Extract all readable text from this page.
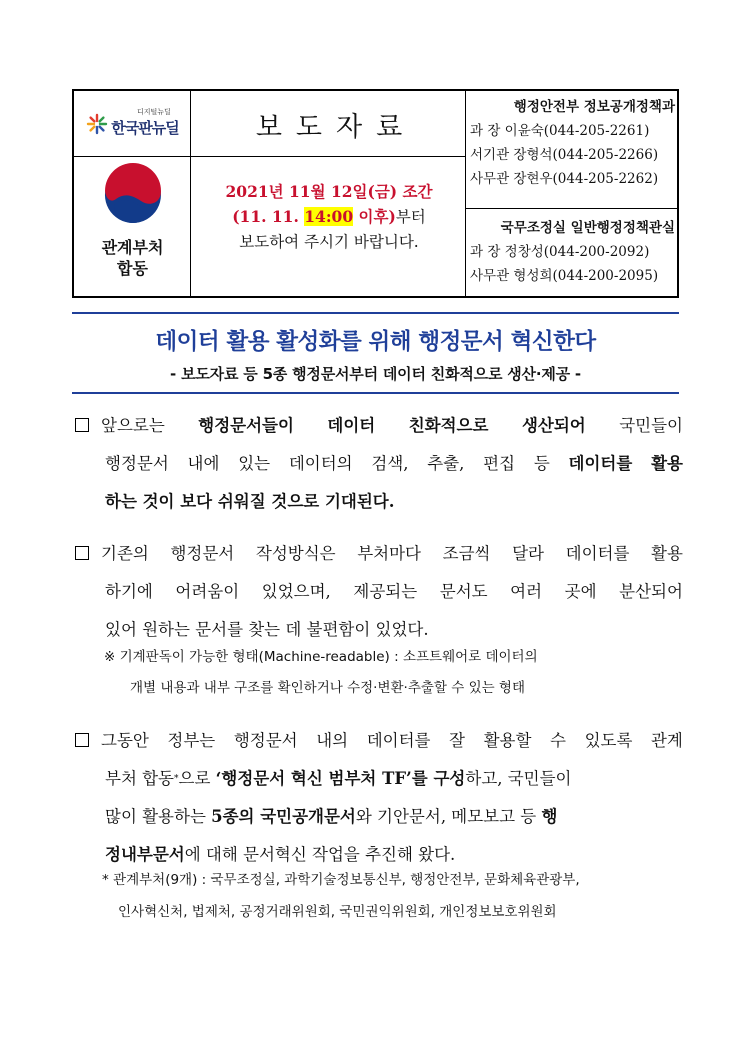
디지털뉴딜
한국판뉴딜
관계부처
합동
보도자료
2021년 11월 12일(금) 조간
(11. 11. 14:00 이후)부터
보도하여 주시기 바랍니다.
행정안전부 정보공개정책과
과 장 이윤숙(044-205-2261)
서기관 장형석(044-205-2266)
사무관 장현우(044-205-2262)
국무조정실 일반행정정책관실
과 장 정창성(044-200-2092)
사무관 형성희(044-200-2095)
데이터 활용 활성화를 위해 행정문서 혁신한다
- 보도자료 등 5종 행정문서부터 데이터 친화적으로 생산·제공 -
앞으로는 행정문서들이 데이터 친화적으로 생산되어 국민들이
행정문서 내에 있는 데이터의 검색, 추출, 편집 등 데이터를 활용
하는 것이 보다 쉬워질 것으로 기대된다.
기존의 행정문서 작성방식은 부처마다 조금씩 달라 데이터를 활용
하기에 어려움이 있었으며, 제공되는 문서도 여러 곳에 분산되어
있어 원하는 문서를 찾는 데 불편함이 있었다.
※ 기계판독이 가능한 형태(Machine-readable) : 소프트웨어로 데이터의
개별 내용과 내부 구조를 확인하거나 수정·변환·추출할 수 있는 형태
그동안 정부는 행정문서 내의 데이터를 잘 활용할 수 있도록 관계
부처 합동 * 으로 ‘행정문서 혁신 범부처 TF’를 구성 하고, 국민들이
많이 활용하는 5종의 국민공개문서 와 기안문서, 메모보고 등 행
정내부문서 에 대해 문서혁신 작업을 추진해 왔다.
* 관계부처(9개) : 국무조정실, 과학기술정보통신부, 행정안전부, 문화체육관광부,
인사혁신처, 법제처, 공정거래위원회, 국민권익위원회, 개인정보보호위원회
